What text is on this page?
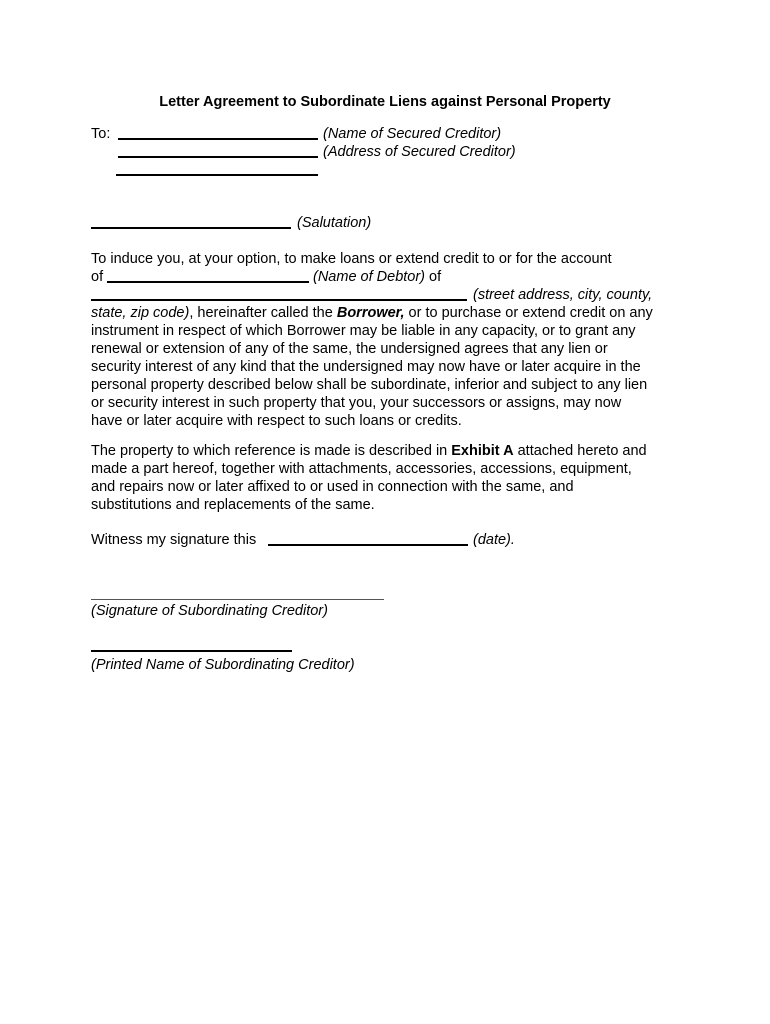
Letter Agreement to Subordinate Liens against Personal Property
To:	(Name of Secured Creditor)
(Address of Secured Creditor)
(Salutation)
To induce you, at your option, to make loans or extend credit to or for the account
of	(Name of Debtor) of
(street address, city, county,
state, zip code), hereinafter called the Borrower, or to purchase or extend credit on any
instrument in respect of which Borrower may be liable in any capacity, or to grant any
renewal or extension of any of the same, the undersigned agrees that any lien or
security interest of any kind that the undersigned may now have or later acquire in the
personal property described below shall be subordinate, inferior and subject to any lien
or security interest in such property that you, your successors or assigns, may now
have or later acquire with respect to such loans or credits.
The property to which reference is made is described in Exhibit A attached hereto and
made a part hereof, together with attachments, accessories, accessions, equipment,
and repairs now or later affixed to or used in connection with the same, and
substitutions and replacements of the same.
Witness my signature this	(date).
(Signature of Subordinating Creditor)
(Printed Name of Subordinating Creditor)
